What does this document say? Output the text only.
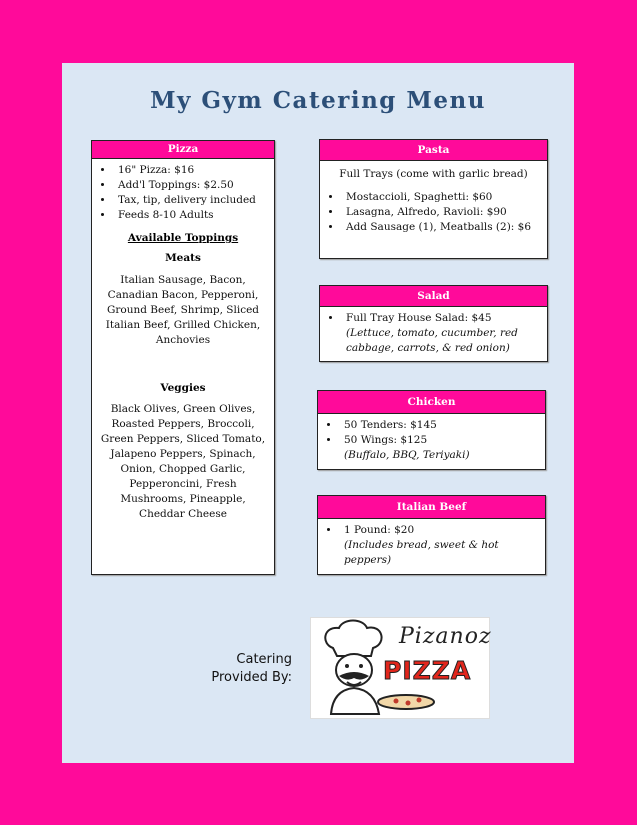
My Gym Catering Menu
Pizza
• 16" Pizza: $16
• Add'l Toppings: $2.50
• Tax, tip, delivery included
• Feeds 8-10 Adults
Available Toppings
Meats
Italian Sausage, Bacon, Canadian Bacon, Pepperoni, Ground Beef, Shrimp, Sliced Italian Beef, Grilled Chicken, Anchovies
Veggies
Black Olives, Green Olives, Roasted Peppers, Broccoli, Green Peppers, Sliced Tomato, Jalapeno Peppers, Spinach, Onion, Chopped Garlic, Pepperoncini, Fresh Mushrooms, Pineapple, Cheddar Cheese
Pasta
Full Trays (come with garlic bread)
• Mostaccioli, Spaghetti: $60
• Lasagna, Alfredo, Ravioli: $90
• Add Sausage (1), Meatballs (2): $6
Salad
• Full Tray House Salad: $45
(Lettuce, tomato, cucumber, red cabbage, carrots, & red onion)
Chicken
• 50 Tenders: $145
• 50 Wings: $125
(Buffalo, BBQ, Teriyaki)
Italian Beef
• 1 Pound: $20
(Includes bread, sweet & hot peppers)
Catering
Provided By:
Pizanoz
PIZZA
